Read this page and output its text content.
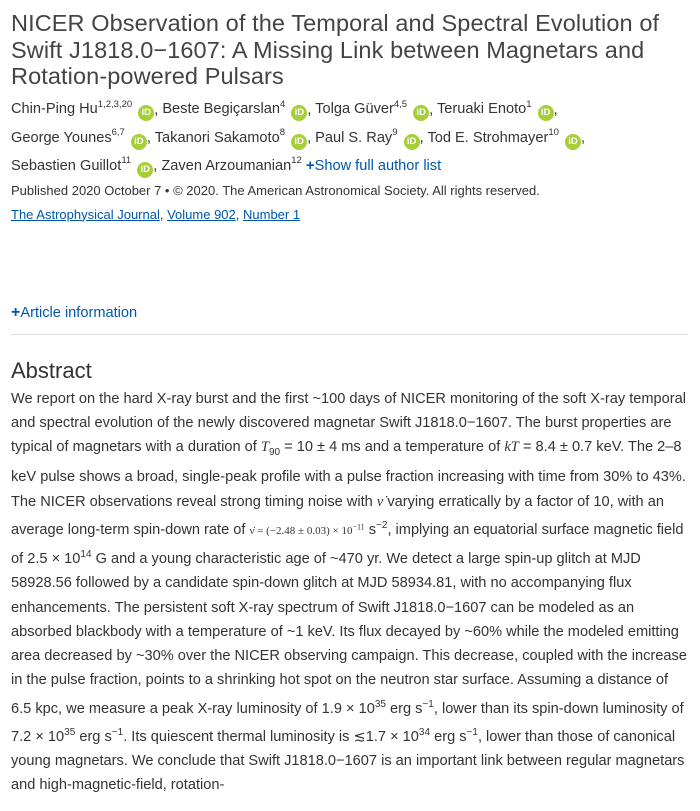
NICER Observation of the Temporal and Spectral Evolution of Swift J1818.0−1607: A Missing Link between Magnetars and Rotation-powered Pulsars
Chin-Ping Hu$^{1,2,3,20}$ iD , Beste Begiçarslan$^4$ iD , Tolga Güver$^{4,5}$ iD , Teruaki Enoto$^1$ iD , George Younes$^{6,7}$ iD , Takanori Sakamoto$^8$ iD , Paul S. Ray$^9$ iD , Tod E. Strohmayer$^{10}$ iD , Sebastien Guillot$^{11}$ iD , Zaven Arzoumanian$^{12}$ +Show full author list
Published 2020 October 7 • © 2020. The American Astronomical Society. All rights reserved.
The Astrophysical Journal, Volume 902, Number 1
+Article information
Abstract

We report on the hard X-ray burst and the first ~100 days of NICER monitoring of the soft X-ray temporal and spectral evolution of the newly discovered magnetar Swift J1818.0−1607. The burst properties are typical of magnetars with a duration of $T_{90} = 10 \pm 4$ ms and a temperature of kT = 8.4 ± 0.7 keV. The 2–8 keV pulse shows a broad, single-peak profile with a pulse fraction increasing with time from 30% to 43%. The NICER observations reveal strong timing noise with ν̇ varying erratically by a factor of 10, with an average long-term spin-down rate of ν̇ = $(-2.48 \pm 0.03) \times 10^{-11}$ $s^{-2}$, implying an equatorial surface magnetic field of $2.5 \times 10^{14}$ G and a young characteristic age of ~470 yr. We detect a large spin-up glitch at MJD 58928.56 followed by a candidate spin-down glitch at MJD 58934.81, with no accompanying flux enhancements. The persistent soft X-ray spectrum of Swift J1818.0−1607 can be modeled as an absorbed blackbody with a temperature of ~1 keV. Its flux decayed by ~60% while the modeled emitting area decreased by ~30% over the NICER observing campaign. This decrease, coupled with the increase in the pulse fraction, points to a shrinking hot spot on the neutron star surface. Assuming a distance of 6.5 kpc, we measure a peak X-ray luminosity of $1.9 \times 10^{35}$ erg $s^{-1}$, lower than its spin-down luminosity of $7.2 \times 10^{35}$ erg $s^{-1}$. Its quiescent thermal luminosity is ≲1.7 × $10^{34}$ erg $s^{-1}$, lower than those of canonical young magnetars. We conclude that Swift J1818.0−1607 is an important link between regular magnetars and high-magnetic-field, rotation-
